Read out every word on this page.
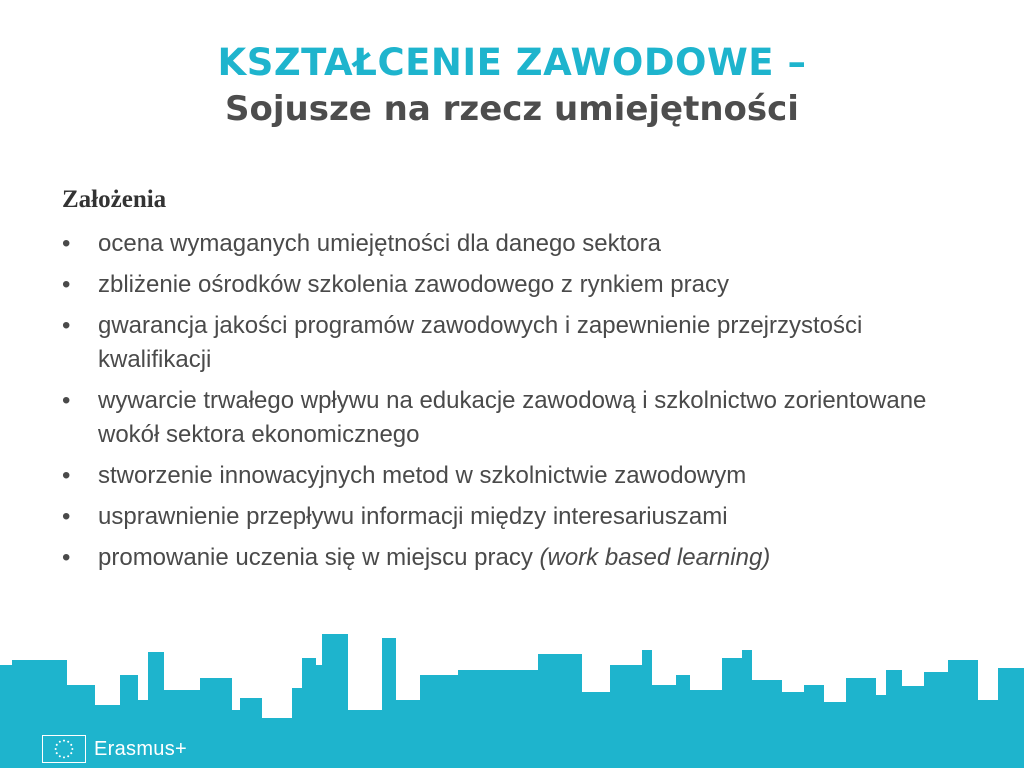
KSZTAŁCENIE ZAWODOWE –
Sojusze na rzecz umiejętności
Założenia
• ocena wymaganych umiejętności dla danego sektora
• zbliżenie ośrodków szkolenia zawodowego z rynkiem pracy
• gwarancja jakości programów zawodowych i zapewnienie przejrzystości kwalifikacji
• wywarcie trwałego wpływu na edukacje zawodową i szkolnictwo zorientowane wokół sektora ekonomicznego
• stworzenie innowacyjnych metod w szkolnictwie zawodowym
• usprawnienie przepływu informacji między interesariuszami
• promowanie uczenia się w miejscu pracy (work based learning)
Erasmus+
